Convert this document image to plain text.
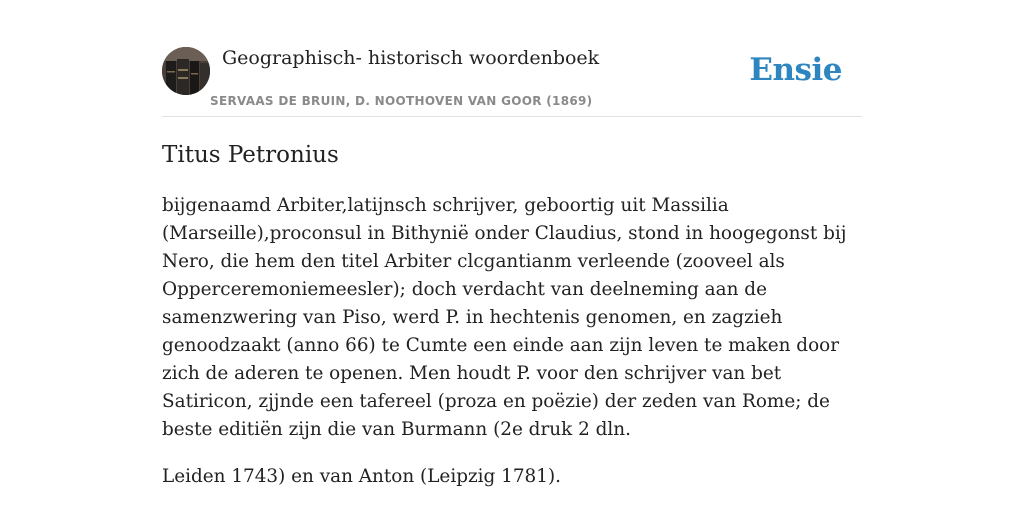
Geographisch- historisch woordenboek
SERVAAS DE BRUIN, D. NOOTHOVEN VAN GOOR (1869)
Ensie
Titus Petronius

bijgenaamd Arbiter,latijnsch schrijver, geboortig uit Massilia (Marseille),proconsul in Bithynië onder Claudius, stond in hoogegonst bij Nero, die hem den titel Arbiter clcgantianm verleende (zooveel als Opperceremoniemeesler); doch verdacht van deelneming aan de samenzwering van Piso, werd P. in hechtenis genomen, en zagzieh genoodzaakt (anno 66) te Cumte een einde aan zijn leven te maken door zich de aderen te openen. Men houdt P. voor den schrijver van bet Satiricon, zjjnde een tafereel (proza en poëzie) der zeden van Rome; de beste editiën zijn die van Burmann (2e druk 2 dln.

Leiden 1743) en van Anton (Leipzig 1781).
